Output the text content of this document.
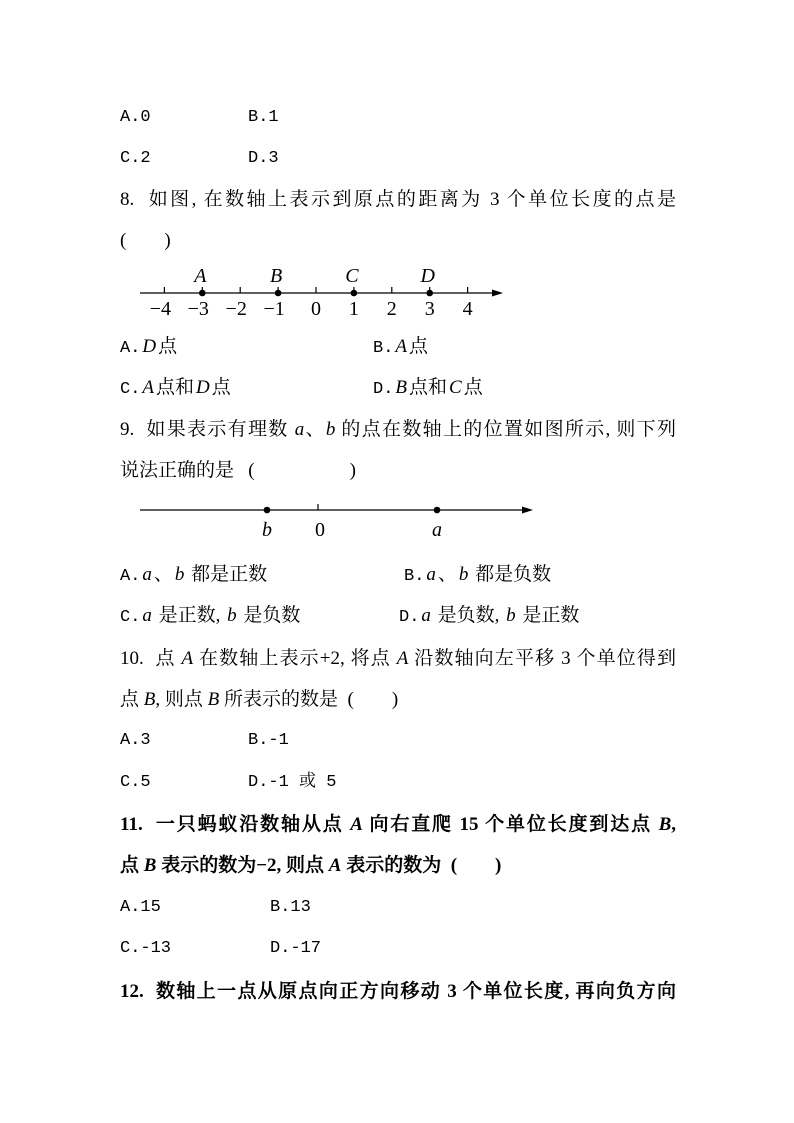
A.0	B.1
C.2	D.3
8.  如图, 在数轴上表示到原点的距离为 3 个单位长度的点是
(　　)
−4 −3 −2 −1 0 1 2 3 4
A	B	C	D
A. D 点	B. A 点
C. A 点和 D 点	D. B 点和 C 点
9.  如果表示有理数 a、b 的点在数轴上的位置如图所示, 则下列
说法正确的是   (　　　　　)
b 0	a
A. a 、 b 都是正数	B. a 、 b 都是负数
C. a 是正数, b 是负数	D. a 是负数, b 是正数
10.  点 A 在数轴上表示+2, 将点 A 沿数轴向左平移 3 个单位得到
点 B, 则点 B 所表示的数是  (　　)
A.3	B.-1
C.5	D.-1 或 5
11.  一只蚂蚁沿数轴从点 A 向右直爬 15 个单位长度到达点 B,
点 B 表示的数为−2, 则点 A 表示的数为  (　　)
A.15	B.13
C.-13	D.-17
12.  数轴上一点从原点向正方向移动 3 个单位长度, 再向负方向
